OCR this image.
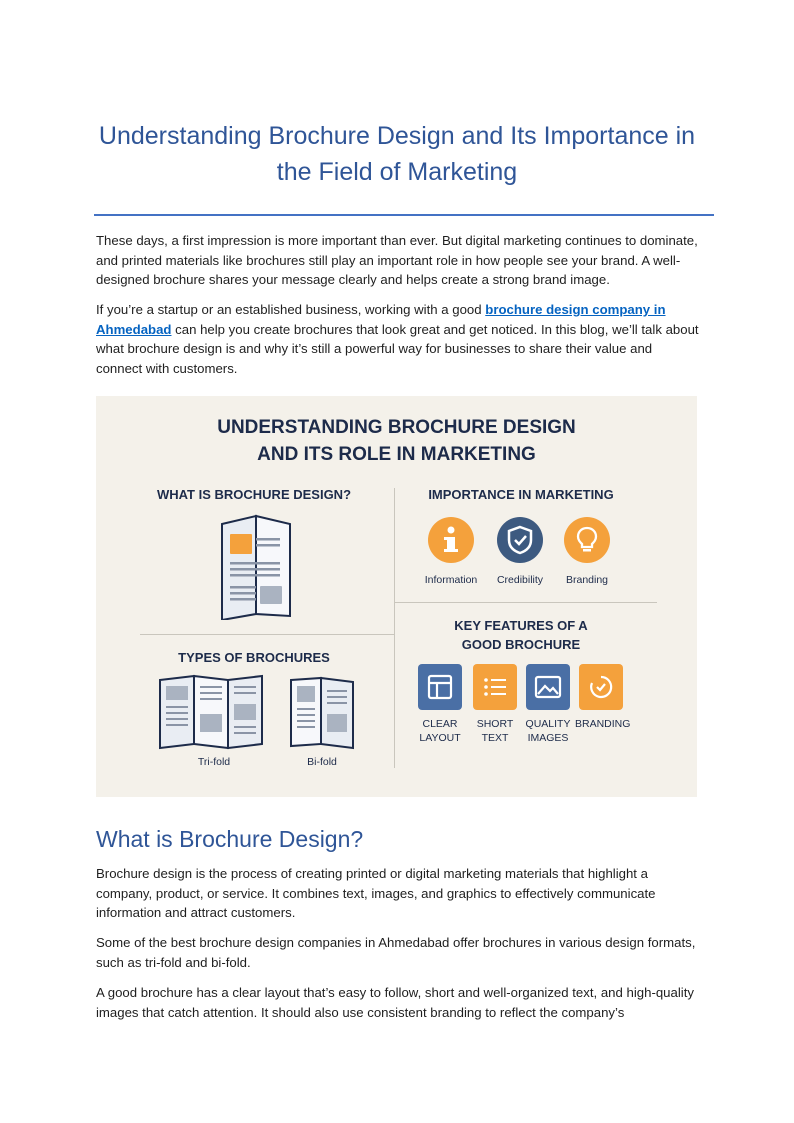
Understanding Brochure Design and Its Importance in
the Field of Marketing

These days, a first impression is more important than ever. But digital marketing continues to dominate, and printed materials like brochures still play an important role in how people see your brand. A well-designed brochure shares your message clearly and helps create a strong brand image.

If you’re a startup or an established business, working with a good brochure design company in Ahmedabad can help you create brochures that look great and get noticed. In this blog, we’ll talk about what brochure design is and why it’s still a powerful way for businesses to share their value and connect with customers.

UNDERSTANDING BROCHURE DESIGN
AND ITS ROLE IN MARKETING

WHAT IS BROCHURE DESIGN?	IMPORTANCE IN MARKETING

Information	Credibility	Branding

KEY FEATURES OF A
GOOD BROCHURE

CLEAR
LAYOUT
SHORT
TEXT
QUALITY
IMAGES
BRANDING

TYPES OF BROCHURES

Tri-fold	Bi-fold
What is Brochure Design?

Brochure design is the process of creating printed or digital marketing materials that highlight a company, product, or service. It combines text, images, and graphics to effectively communicate information and attract customers.

Some of the best brochure design companies in Ahmedabad offer brochures in various design formats, such as tri-fold and bi-fold.

A good brochure has a clear layout that’s easy to follow, short and well-organized text, and high-quality images that catch attention. It should also use consistent branding to reflect the company’s
